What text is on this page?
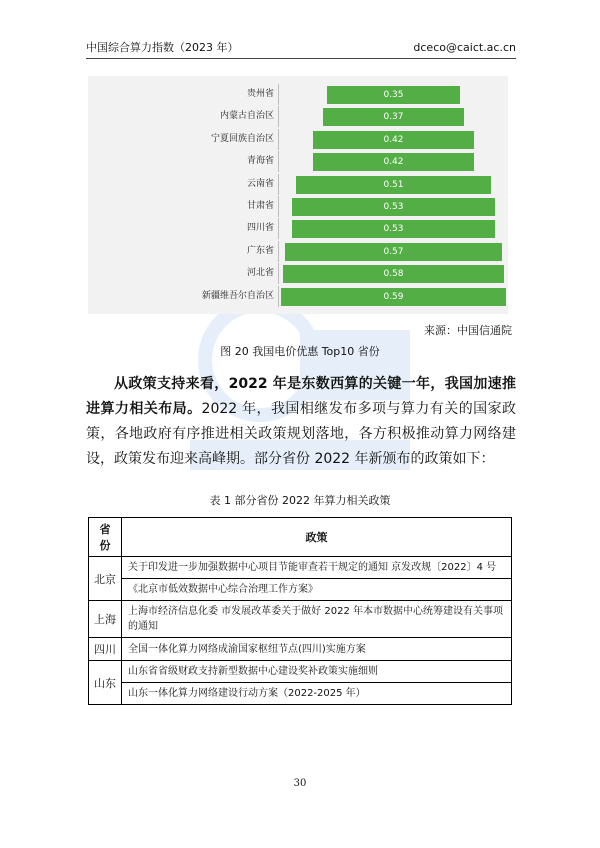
中国综合算力指数（2023 年）	dceco@caict.ac.cn
贵州省	0.35
内蒙古自治区	0.37
宁夏回族自治区	0.42
青海省	0.42
云南省	0.51
甘肃省	0.53
四川省	0.53
广东省	0.57
河北省	0.58
新疆维吾尔自治区	0.59
来源：中国信通院
图 20 我国电价优惠 Top10 省份
从政策支持来看，2022 年是东数西算的关键一年，我国加速推进算力相关布局。2022 年，我国相继发布多项与算力有关的国家政策，各地政府有序推进相关政策规划落地，各方积极推动算力网络建设，政策发布迎来高峰期。部分省份 2022 年新颁布的政策如下：
表 1 部分省份 2022 年算力相关政策
省份	政策
北京	关于印发进一步加强数据中心项目节能审查若干规定的通知 京发改规〔2022〕4 号
	《北京市低效数据中心综合治理工作方案》
上海	上海市经济信息化委 市发展改革委关于做好 2022 年本市数据中心统筹建设有关事项的通知
四川	全国一体化算力网络成渝国家枢纽节点(四川)实施方案
山东	山东省省级财政支持新型数据中心建设奖补政策实施细则
	山东一体化算力网络建设行动方案（2022-2025 年）
30
